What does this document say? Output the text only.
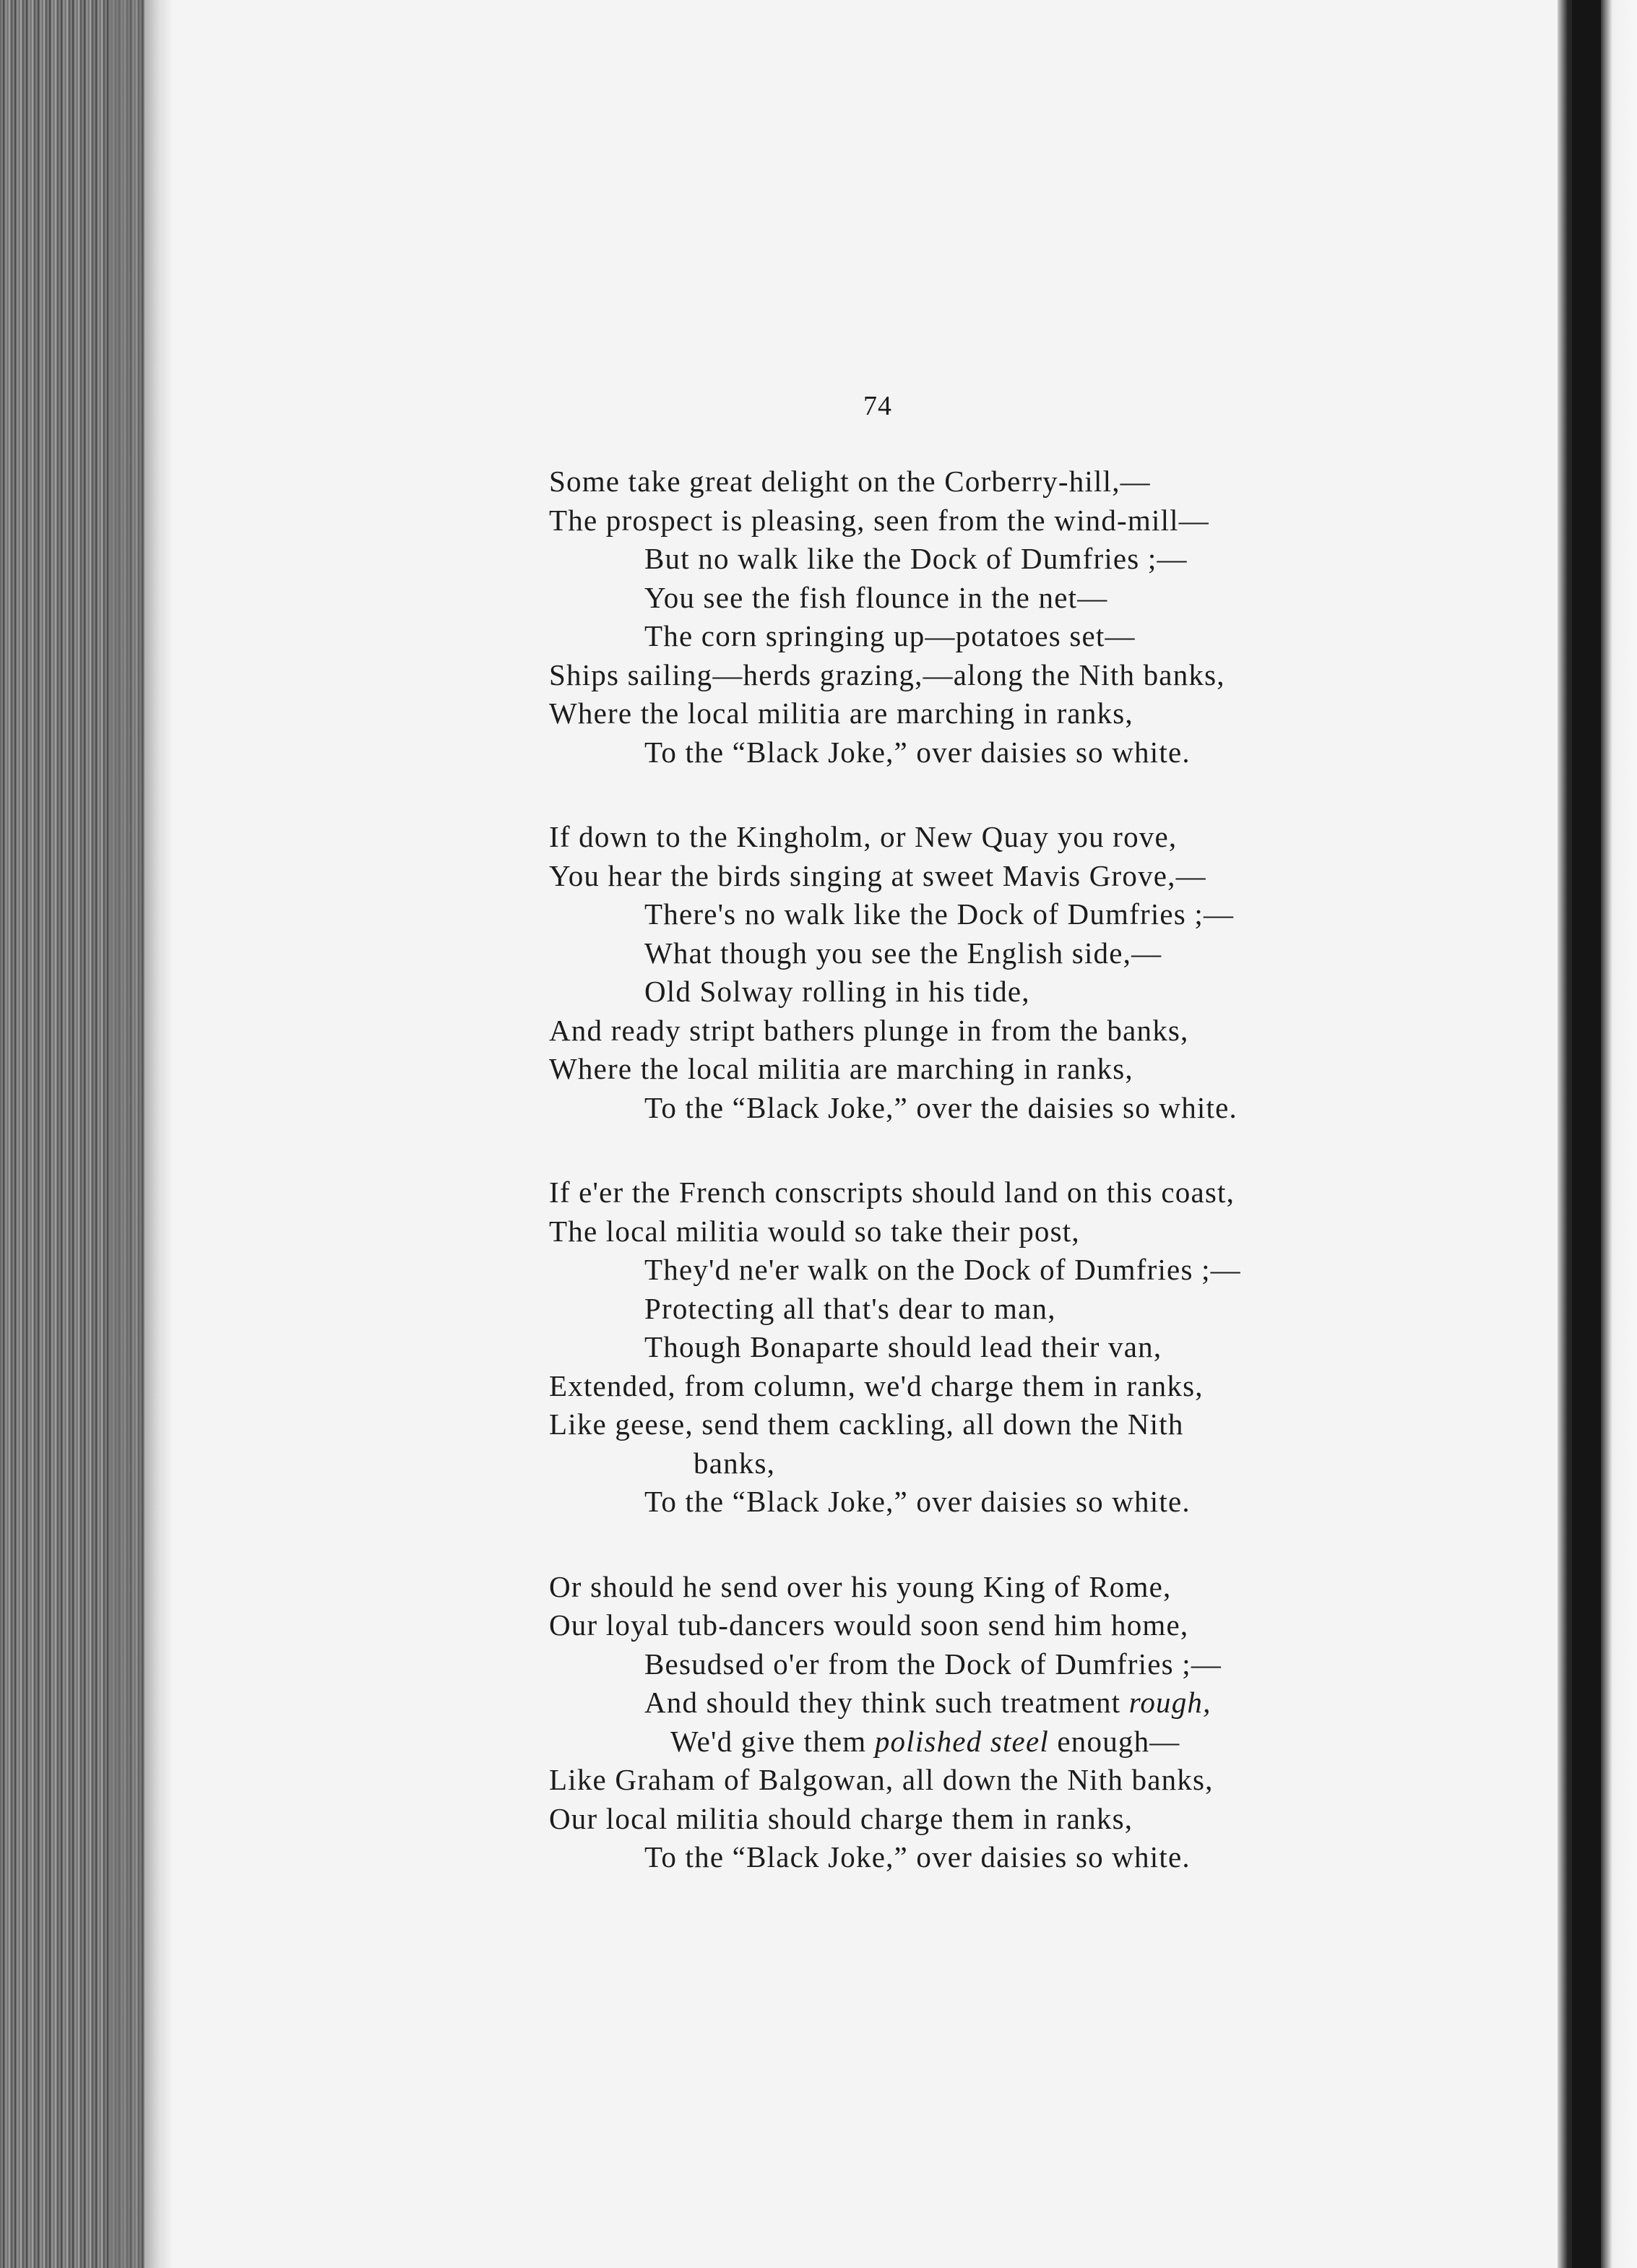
74
Some take great delight on the Corberry-hill,—
The prospect is pleasing, seen from the wind-mill—
But no walk like the Dock of Dumfries ;—
You see the fish flounce in the net—
The corn springing up—potatoes set—
Ships sailing—herds grazing,—along the Nith banks,
Where the local militia are marching in ranks,
To the “Black Joke,” over daisies so white.
If down to the Kingholm, or New Quay you rove,
You hear the birds singing at sweet Mavis Grove,—
There's no walk like the Dock of Dumfries ;—
What though you see the English side,—
Old Solway rolling in his tide,
And ready stript bathers plunge in from the banks,
Where the local militia are marching in ranks,
To the “Black Joke,” over the daisies so white.
If e'er the French conscripts should land on this coast,
The local militia would so take their post,
They'd ne'er walk on the Dock of Dumfries ;—
Protecting all that's dear to man,
Though Bonaparte should lead their van,
Extended, from column, we'd charge them in ranks,
Like geese, send them cackling, all down the Nith
banks,
To the “Black Joke,” over daisies so white.
Or should he send over his young King of Rome,
Our loyal tub-dancers would soon send him home,
Besudsed o'er from the Dock of Dumfries ;—
And should they think such treatment rough,
We'd give them polished steel enough—
Like Graham of Balgowan, all down the Nith banks,
Our local militia should charge them in ranks,
To the “Black Joke,” over daisies so white.
